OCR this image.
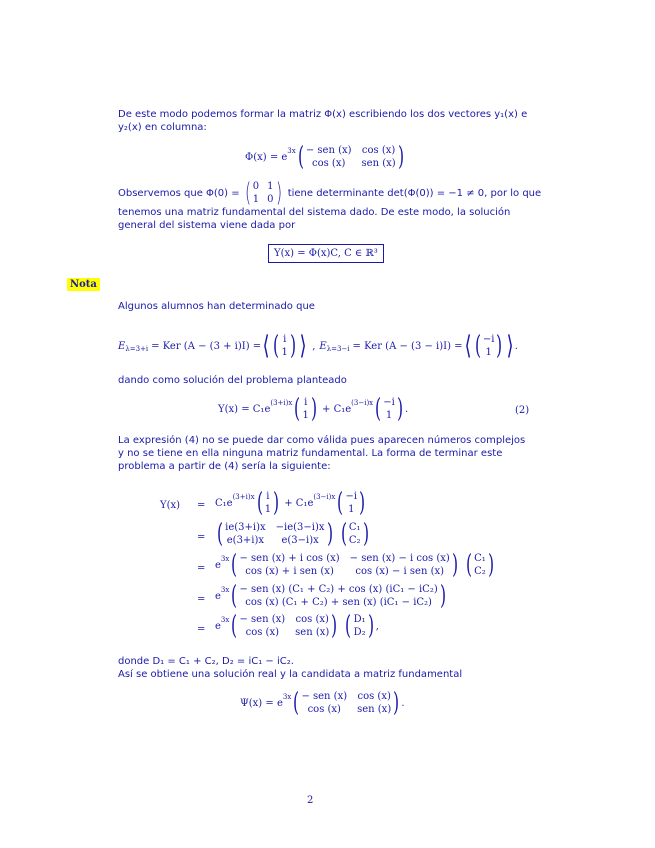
De este modo podemos formar la matriz Φ(x) escribiendo los dos vectores y₁(x) e y₂(x) en columna:
Φ(x) = e
$^{3x}$ ( − sen (x) cos (x)
cos (x)	sen (x) )
Observemos que Φ(0) = ( 0 1
1 0 ) tiene determinante det(Φ(0)) = −1 ≠ 0, por lo que
tenemos una matriz fundamental del sistema dado. De este modo, la solución general del sistema viene dada por
Y(x) = Φ(x)C, C ∈ ℝ³
Nota
Algunos alumnos han determinado que
$E_{\lambda=3+i}$ = Ker (A − (3 + i)I) = ⟨ ( i
1 ) ⟩ , $E_{\lambda=3-i}$ = Ker (A − (3 − i)I) = ⟨ ( −i
1 ) ⟩ .
dando como solución del problema planteado
Y(x) = C₁e
$^{(3+i)x}$ ( i
1 ) + C₁e
$^{(3-i)x}$ ( −i
1 ) .	(2)
La expresión (4) no se puede dar como válida pues aparecen números complejos y no se tiene en ella ninguna matriz fundamental. La forma de terminar este problema a partir de (4) sería la siguiente:
Y(x) = C₁e
$^{(3+i)x}$ ( i
1 ) + C₁e
$^{(3-i)x}$ ( −i
1 )
= ( ie(3+i)x −ie(3−i)x
e(3+i)x	e(3−i)x ) ( C₁
C₂ )
= e
$^{3x}$ ( − sen (x) + i cos (x) − sen (x) − i cos (x)
cos (x) + i sen (x)	cos (x) − i sen (x) ) ( C₁
C₂ )
= e
$^{3x}$ ( − sen (x) (C₁ + C₂) + cos (x) (iC₁ − iC₂)
cos (x) (C₁ + C₂) + sen (x) (iC₁ − iC₂) )
= e
$^{3x}$ ( − sen (x) cos (x)
cos (x)	sen (x) ) ( D₁
D₂ ) ,
donde D₁ = C₁ + C₂, D₂ = iC₁ − iC₂.
Así se obtiene una solución real y la candidata a matriz fundamental
Ψ(x) = e
$^{3x}$ ( − sen (x) cos (x)
cos (x)	sen (x) ) .
2
